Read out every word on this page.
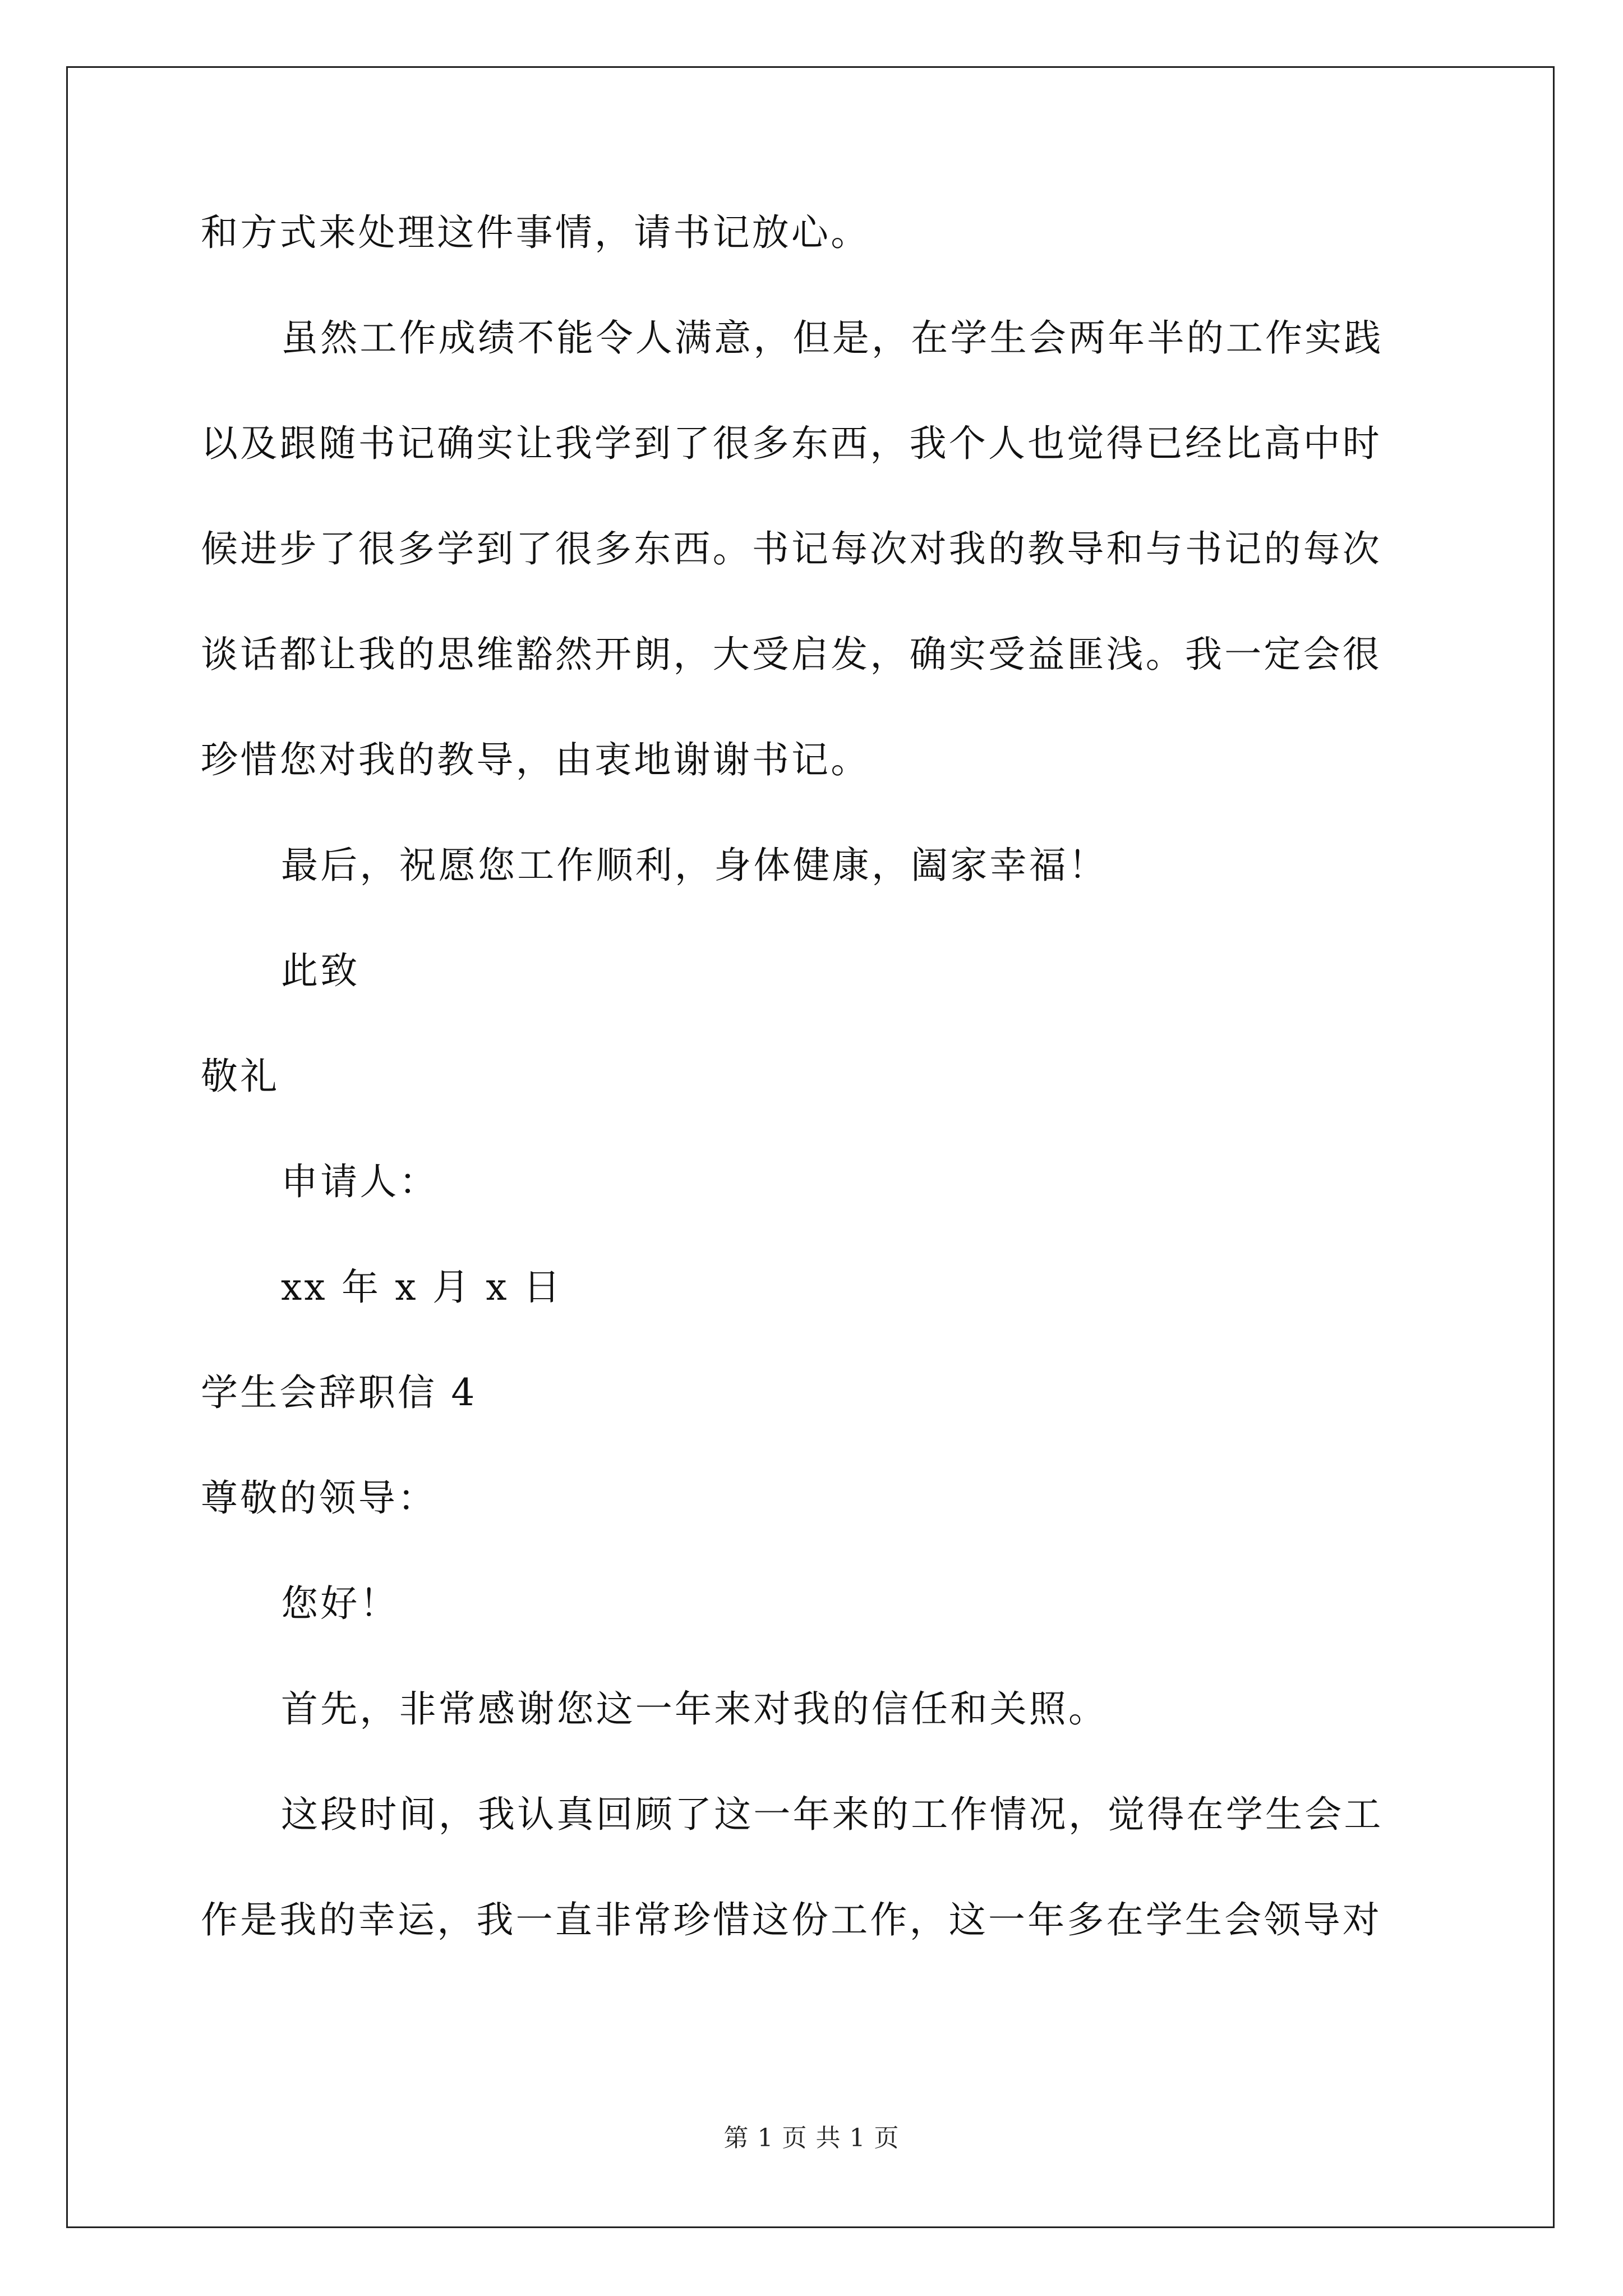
和方式来处理这件事情，请书记放心。
虽然工作成绩不能令人满意，但是，在学生会两年半的工作实践
以及跟随书记确实让我学到了很多东西，我个人也觉得已经比高中时
候进步了很多学到了很多东西。书记每次对我的教导和与书记的每次
谈话都让我的思维豁然开朗，大受启发，确实受益匪浅。我一定会很
珍惜您对我的教导，由衷地谢谢书记。
最后，祝愿您工作顺利，身体健康，阖家幸福！
此致
敬礼
申请人：
xx 年 x 月 x 日
学生会辞职信 4
尊敬的领导：
您好！
首先，非常感谢您这一年来对我的信任和关照。
这段时间，我认真回顾了这一年来的工作情况，觉得在学生会工
作是我的幸运，我一直非常珍惜这份工作，这一年多在学生会领导对
第 1 页 共 1 页
